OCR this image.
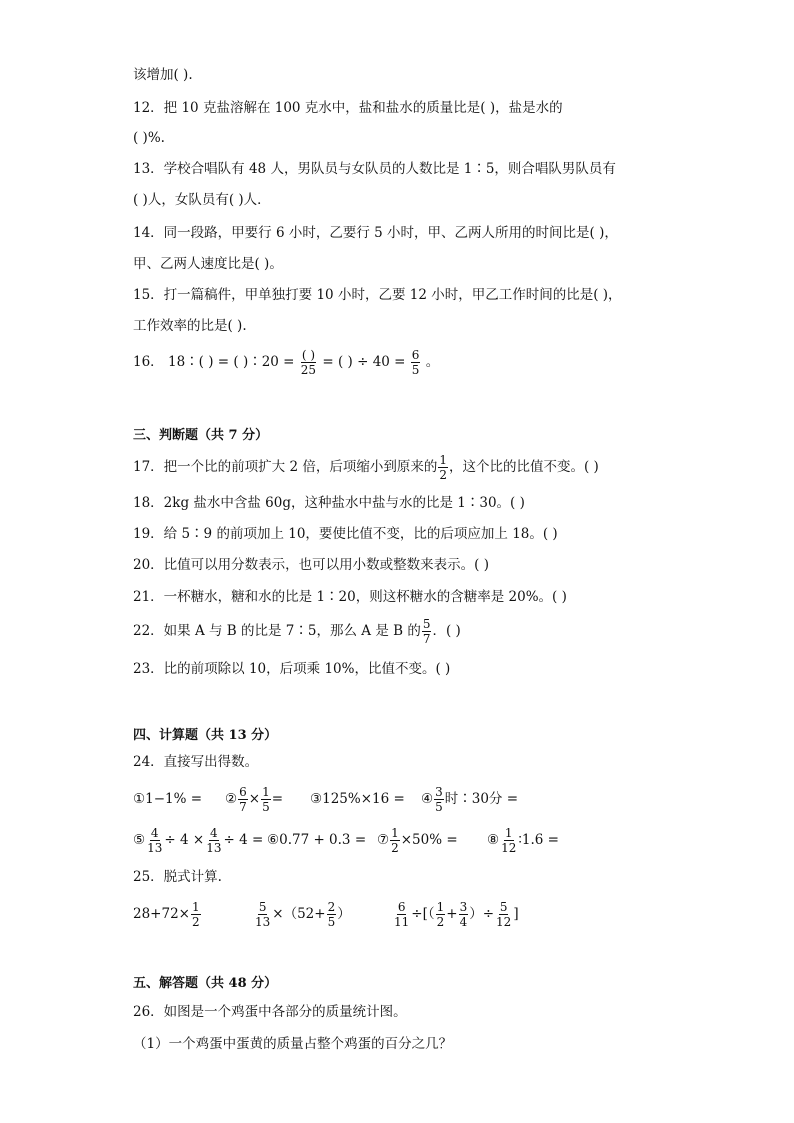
该增加( ).
12．把 10 克盐溶解在 100 克水中，盐和盐水的质量比是( )，盐是水的
( )%.
13．学校合唱队有 48 人，男队员与女队员的人数比是 1∶5，则合唱队男队员有
( )人，女队员有( )人．
14．同一段路，甲要行 6 小时，乙要行 5 小时，甲、乙两人所用的时间比是( )，
甲、乙两人速度比是( )。
15．打一篇稿件，甲单独打要 10 小时，乙要 12 小时，甲乙工作时间的比是( )，
工作效率的比是( ).
16． 18∶( ) = ( )∶20 = $\frac{( )}{25}$ = ( ) ÷ $40 = \frac{6}{5}$ 。
三、判断题（共 7 分）
17．把一个比的前项扩大 2 倍，后项缩小到原来的 $\frac{1}{2}$ ，这个比的比值不变。( )
18．2kg 盐水中含盐 60g，这种盐水中盐与水的比是 1∶30。( )
19．给 5∶9 的前项加上 10，要使比值不变，比的后项应加上 18。( )
20．比值可以用分数表示，也可以用小数或整数来表示。( )
21．一杯糖水，糖和水的比是 1∶20，则这杯糖水的含糖率是 20%。( )
22．如果 A 与 B 的比是 7∶5，那么 A 是 B 的 $\frac{5}{7}$ ．( )
23．比的前项除以 10，后项乘 10%，比值不变。( )
四、计算题（共 13 分）
24．直接写出得数。
①1−1% = ② $\frac{6}{7} \times \frac{1}{5}$ = ③125%×16 = ④ $\frac{3}{5}$ 时∶30分 =
⑤ $\frac{4}{13} \div 4 \times \frac{4}{13} \div 4$ = ⑥0.77 + 0.3 = ⑦ $\frac{1}{2} \times 50\%$ = ⑧ $\frac{1}{12}$ ∶1.6 =
25．脱式计算.
$28+72\times \frac{1}{2}$	$\frac{5}{13} \times(52+ \frac{2}{5}$ ）	$\frac{6}{11}$ ÷[（ $\frac{1}{2} + \frac{3}{4}$ ）÷ $\frac{5}{12}$ ]
五、解答题（共 48 分）
26．如图是一个鸡蛋中各部分的质量统计图。
（1）一个鸡蛋中蛋黄的质量占整个鸡蛋的百分之几？
